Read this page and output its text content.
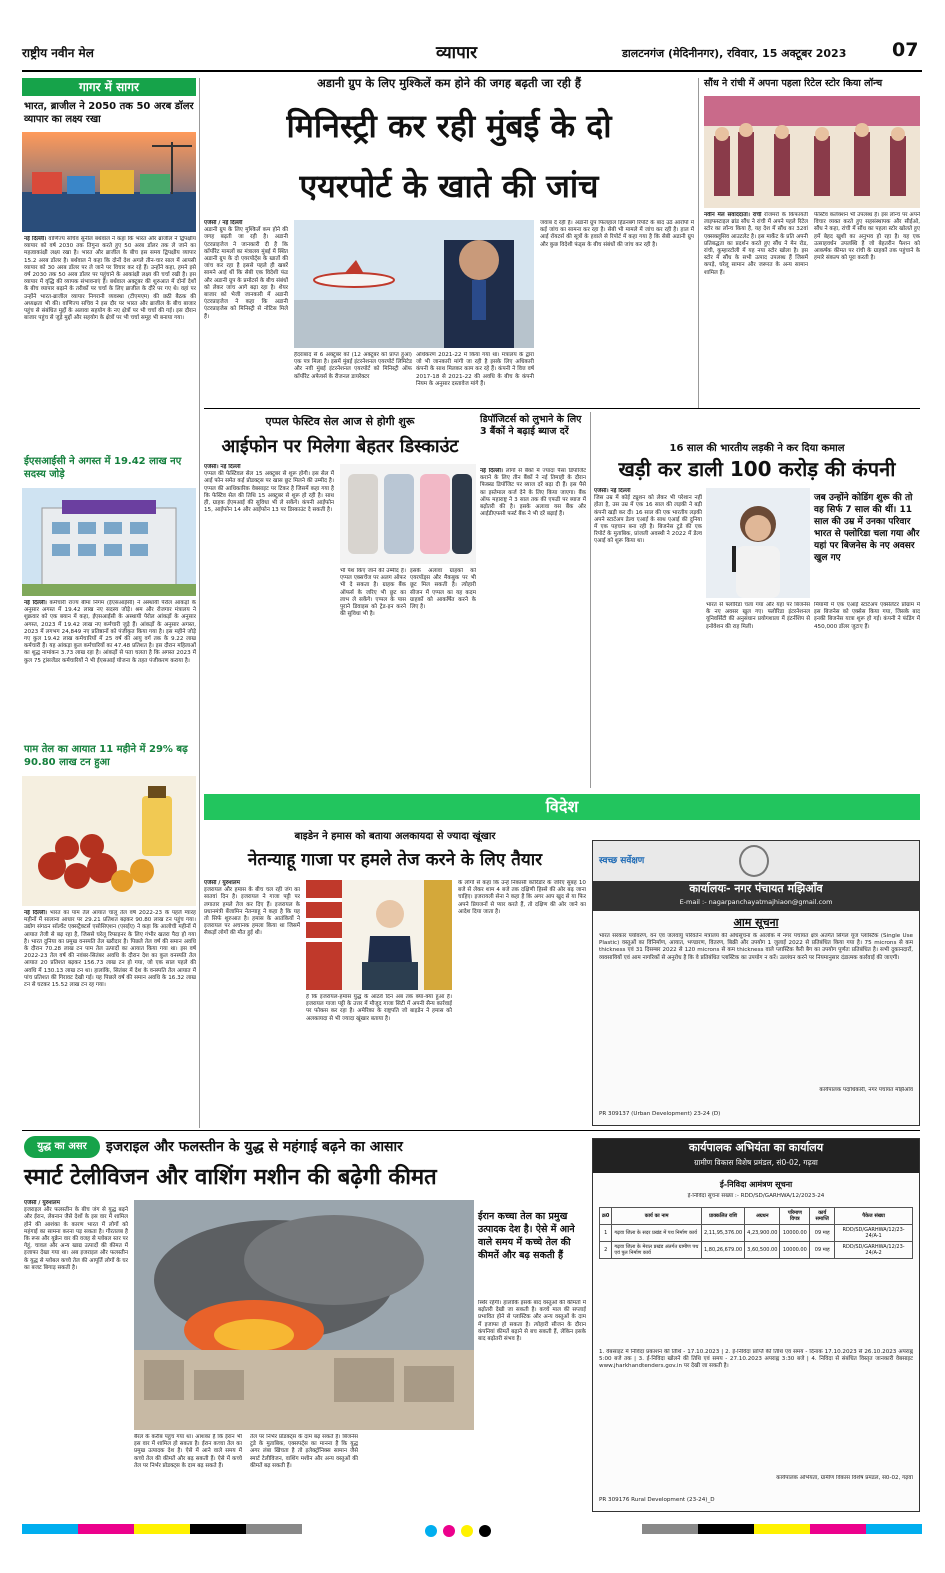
राष्ट्रीय नवीन मेल	व्यापार	डालटनगंज (मेदिनीनगर), रविवार, 15 अक्टूबर 2023 07
गागर में सागर
भारत, ब्राजील ने 2050 तक 50 अरब डॉलर व्यापार का लक्ष्य रखा
नई दिल्ली। वाणिज्य सचिव सुनील बर्थवाल ने कहा कि भारत और ब्राजील ने द्विपक्षीय व्यापार को वर्ष 2030 तक तिगुना करते हुए 50 अरब डॉलर तक ले जाने का महत्वाकांक्षी लक्ष्य रखा है। भारत और ब्राजील के बीच इस समय द्विपक्षीय व्यापार 15.2 अरब डॉलर है। बर्थवाल ने कहा कि दोनों देश अगले तीन-चार साल में आपसी व्यापार को 30 अरब डॉलर पर ले जाने पर विचार कर रहे हैं। उन्होंने कहा, हमने इसे वर्ष 2030 तक 50 अरब डॉलर पर पहुंचाने के आकांक्षी लक्ष्य की चर्चा रखी है। इस व्यापार में वृद्धि की व्यापक संभावनाएं हैं। बर्थवाल अक्टूबर की शुरुआत में दोनों देशों के बीच व्यापार बढ़ाने के तरीकों पर चर्चा के लिए ब्राजील के दौरे पर गए थे। वहां पर उन्होंने भारत-ब्राजील व्यापार निगरानी व्यवस्था (टीएमएम) की छठी बैठक की अध्यक्षता भी की। वाणिज्य सचिव ने इस दौर पर भारत और ब्राजील के बीच बाजार पहुंच से संबंधित मुद्दों के अलावा सहयोग के नए क्षेत्रों पर भी चर्चा की गई। इस दौरान बाजार पहुंच से जुड़े मुद्दों और सहयोग के क्षेत्रों पर भी चर्चा समूह भी बनाया गया।
ईएसआईसी ने अगस्त में 19.42 लाख नए सदस्य जोड़े
नई दिल्ली। कर्मचारी राज्य बीमा निगम (ईएसआईसी) ने अस्थायी पेरोल आंकड़ों के अनुसार अगस्त में 19.42 लाख नए सदस्य जोड़े। श्रम और रोजगार मंत्रालय ने शुक्रवार को एक बयान में कहा, ईएसआईसी के अस्थायी पेरोल आंकड़ों के अनुसार अगस्त, 2023 में 19.42 लाख नए कर्मचारी जुड़े हैं। आंकड़ों के अनुसार अगस्त, 2023 में लगभग 24,849 नए प्रतिष्ठानों को पंजीकृत किया गया है। इस महीने जोड़े गए कुल 19.42 लाख कर्मचारियों में 25 वर्ष की आयु वर्ग तक के 9.22 लाख कर्मचारी हैं। यह आंकड़ा कुल कर्मचारियों का 47.48 प्रतिशत है। इस दौरान महिलाओं का शुद्ध नामांकन 3.73 लाख रहा है। आंकड़ों से पता चलता है कि अगस्त 2023 में कुल 75 ट्रांसजेंडर कर्मचारियों ने भी ईएसआई योजना के तहत पंजीकरण कराया है।
पाम तेल का आयात 11 महीने में 29% बढ़ 90.80 लाख टन हुआ
नई दिल्ली। भारत का पाम तेल आयात चालू तेल वर्ष 2022-23 के पहले ग्यारह महीनों में सालाना आधार पर 29.21 प्रतिशत बढ़कर 90.80 लाख टन पहुंच गया। उद्योग संगठन सॉल्वेंट एक्सट्रैक्टर्स एसोसिएशन (एसईए) ने कहा कि आलोची महीनों में आयात तेजी से बढ़ रहा है, जिससे घरेलू रिफाइनर के लिए गंभीर खतरा पैदा हो गया है। भारत दुनिया का प्रमुख वनस्पति तेल खरीदार है। पिछले तेल वर्ष की समान अवधि के दौरान 70.28 लाख टन पाम तेल उत्पादों का आयात किया गया था। इस वर्ष 2022-23 तेल वर्ष की नवंबर-सितंबर अवधि के दौरान देश का कुल वनस्पति तेल आयात 20 प्रतिशत बढ़कर 156.73 लाख टन हो गया, जो एक साल पहले की अवधि में 130.13 लाख टन था। हालांकि, सितंबर में देश के वनस्पति तेल आयात में पांच प्रतिशत की गिरावट देखी गई। यह पिछले वर्ष की समान अवधि के 16.32 लाख टन से घटकर 15.52 लाख टन रह गया।
अडानी ग्रुप के लिए मुश्किलें कम होने की जगह बढ़ती जा रही हैं
मिनिस्ट्री कर रही मुंबई के दो
एयरपोर्ट के खाते की जांच
एजेंसी / नई दिल्ली
अडानी ग्रुप के लिए मुश्किलें कम होने की जगह बढ़ती जा रही है। अडानी एंटरप्राइजेज ने जानकारी दी है कि कॉर्पोरेट मामलों का मंत्रालय मुंबई में स्थित अडानी ग्रुप के दो एयरपोर्ट्स के खातों की जांच कर रहा है इससे पहले ही खबरें सामने आई थीं कि सेबी एक विदेशी फंड और अडानी ग्रुप के प्रमोटर्स के बीच संबंधों को लेकर जांच आगे बढ़ा रहा है। शेयर बाजार को भेजी जानकारी में अडानी एंटरप्राइजेज ने कहा कि अडानी एंटरप्राइजेस को मिनिस्ट्री से नोटिस मिले हैं।
हैदराबाद से 6 अक्टूबर को (12 अक्टूबर को प्राप्त हुआ) एक पत्र मिला है। इसमें मुंबई इंटरनेशनल एयरपोर्ट लिमिटेड और नवी मुंबई इंटरनेशनल एयरपोर्ट को मिनिस्ट्री ऑफ कॉर्पोरेट अफेयर्स के रीजनल डायरेक्टर
अधिकरण 2021-22 में किया गया था। मंत्रालय के द्वारा जो भी जानकारी मांगी जा रही है इसके लिए अधिकारी कंपनी के साथ मिलकर काम कर रहे हैं। कंपनी ने वित्त वर्ष 2017-18 से 2021-22 की अवधि के बीच के कंपनी नियम के अनुसार दस्तावेज मांगे हैं।
जवाब दे रही है। अडानी ग्रुप फिलहाल हिंडनबर्ग रिपोर्ट के बाद उठे आरोपों में कई जांच का सामना कर रहा है। सेबी भी मामले में जांच कर रही है। हाल में आई रॉयटर्स की सूत्रों के हवाले से रिपोर्ट में कहा गया है कि सेबी अडानी ग्रुप और कुछ विदेशी फंड्स के बीच संबंधों की जांच कर रही है।
सौंध ने रांची में अपना पहला रिटेल स्टोर किया लॉन्च
नवीन मेल संवाददाता। रांची रोजमर्रा के किफायती लाइफस्टाइल ब्रांड सौंध ने रांची में अपने पहले रिटेल स्टोर का लॉन्च किया है, यह देश में सौंध का 32वां एक्सक्लूसिव आउटलेट है। इस मार्केट के प्रति अपनी प्रतिबद्धता का प्रदर्शन करते हुए सौंध ने मेन रोड, रांची, कुम्हारटोली में यह नया स्टोर खोला है। इस स्टोर में सौंध के सभी उत्पाद उपलब्ध हैं जिसमें कपड़े, घरेलू सामान और जरूरत के अन्य सामान शामिल हैं।
फेस्टिव कलेक्शन भी उपलब्ध है। इस लॉन्च पर अपने विचार व्यक्त करते हुए सहसंस्थापक और सीईओ, सौंध ने कहा, रांची में सौंध का पहला स्टोर खोलते हुए हमें बेहद खुशी का अनुभव हो रहा है। यह एक उत्साहवर्धन उपलब्धि है जो बेहतरीन फैशन को आकर्षक कीमत पर रांची के ग्राहकों तक पहुंचाने के हमारे संकल्प को पूरा करती है।
एप्पल फेस्टिव सेल आज से होगी शुरू
आईफोन पर मिलेगा बेहतर डिस्काउंट
एजेंसी। नई दिल्ली
एप्पल की फेस्टिवल सेल 15 अक्टूबर से शुरू होगी। इस सेल में आई फोन समेत कई प्रोडक्ट्स पर खास छूट मिलने की उम्मीद है। एप्पल की आधिकारिक वेबसाइट पर टिकर है जिसमें कहा गया है कि फेस्टिव सेल की तिथि 15 अक्टूबर से शुरू हो रही है। साथ ही, ग्राहक ईएमआई की सुविधा भी ले सकेंगे। कंपनी आईफोन 15, आईफोन 14 और आईफोन 13 पर डिस्काउंट दे सकती है।
भी पेश किए जाने की उम्मीद है। एप्पल एक्सचेंज पर अलग ऑफर भी दे सकता है। ग्राहक बैंक ऑफर्स के जरिए भी छूट का लाभ ले सकेंगे। एप्पल के पास पुराने डिवाइस को ट्रेड-इन करने की सुविधा भी है।
इसके अलावा ग्राहकों को एयरपॉड्स और मैकबुक पर भी छूट मिल सकती है। त्योहारी सीजन में एप्पल का यह कदम ग्राहकों को आकर्षित करने के लिए है।
डिपॉजिटर्स को लुभाने के लिए 3 बैंकों ने बढ़ाई ब्याज दरें
नई दिल्ली। लोगों से बैंकों में ज्यादा पैसा डिपॉजिट कराने के लिए तीन बैंकों ने नई तिमाही के दौरान फिक्स्ड डिपॉजिट पर ब्याज दरें बढ़ा दी हैं। इस पैसे का इस्तेमाल कर्ज देने के लिए किया जाएगा। बैंक ऑफ महाराष्ट्र ने 3 साल तक की एफडी पर ब्याज में बढ़ोतरी की है। इसके अलावा यस बैंक और आईडीएफसी फर्स्ट बैंक ने भी दरें बढ़ाई हैं।
16 साल की भारतीय लड़की ने कर दिया कमाल
खड़ी कर डाली 100 करोड़ की कंपनी
एजेंसी। नई दिल्ली
जिस उम्र में कोई ट्यूशन को लेकर भी परेशान नहीं होता है, उस उम्र में एक 16 साल की लड़की ने बड़ी कंपनी खड़ी कर दी। 16 साल की एक भारतीय लड़की अपने स्टार्टअप डेल्व एआई के साथ एआई की दुनिया में एक पहचान बना रही है। बिजनेस टुडे की एक रिपोर्ट के मुताबिक, प्रांजली अवस्थी ने 2022 में डेल्व एआई को शुरू किया था।
जब उन्होंने कोडिंग शुरू की तो वह सिर्फ 7 साल की थीं। 11 साल की उम्र में उनका परिवार भारत से फ्लोरिडा चला गया और यहां पर बिजनेस के नए अवसर खुल गए
भारत से फ्लोरिडा चला गया और यहां पर बिजनेस के नए अवसर खुल गए। फ्लोरिडा इंटरनेशनल यूनिवर्सिटी की अनुसंधान प्रयोगशाला में इंटर्नशिप से इनोवेशन की राह मिली।
मियामी में एक एआई स्टार्टअप एक्सेलेटर प्रोग्राम में इस बिजनेस को एक्सेस किया गया, जिसके बाद इनकी बिजनेस यात्रा शुरू हो गई। कंपनी ने फंडिंग में 450,000 डॉलर जुटाए हैं।
विदेश
बाइडेन ने हमास को बताया अलकायदा से ज्यादा खूंखार
नेतन्याहू गाजा पर हमले तेज करने के लिए तैयार
एजेंसी / युरुशलम
इजरायल और हमास के बीच चल रही जंग का सातवां दिन है। इजरायल ने गाजा पट्टी पर लगातार हमले तेज कर दिए हैं। इजरायल के प्रधानमंत्री बेंजामिन नेतन्याहू ने कहा है कि यह तो सिर्फ शुरुआत है। हमास के आतंकियों ने इजरायल पर अचानक हमला किया था जिसमें सैकड़ों लोगों की मौत हुई थी।
है कि इजरायल-हमास युद्ध के आठवें दिन अब तक क्या-क्या हुआ है। इजरायल गाजा पट्टी के उत्तर में मौजूद गाजा सिटी में अपनी सैन्य कार्रवाई पर फोकस कर रहा है। अमेरिका के राष्ट्रपति जो बाइडेन ने हमास को अलकायदा से भी ज्यादा खूंखार बताया है।
के लोगों से कहा कि उन्हें निकासी कॉरिडोर के जरिए सुबह 10 बजे से लेकर शाम 4 बजे तक दक्षिणी हिस्से की ओर बढ़ जाना चाहिए। इजरायली सेना ने कहा है कि अगर आप खुद से या फिर अपने प्रियजनों से प्यार करते हैं, तो दक्षिण की ओर जाने का आदेश दिया जाता है।
स्वच्छ सर्वेक्षण
कार्यालयः- नगर पंचायत मझिआँव
E-mail :- nagarpanchayatmajhiaon@gmail.com
आम सूचना
भारत सरकार पर्यावरण, वन एवं जलवायु परिवर्तन मंत्रालय की अधिसूचना के आलोक में नगर पंचायत क्षेत्र अंतर्गत सिंगल यूज प्लास्टिक (Single Use Plastic) वस्तुओं का विनिर्माण, आयात, भण्डारण, वितरण, बिक्री और उपयोग 1 जुलाई 2022 से प्रतिबंधित किया गया है। 75 microns से कम thickness एवं 31 दिसम्बर 2022 से 120 microns से कम thickness वाले प्लास्टिक कैरी बैग का उपयोग पूर्णतः प्रतिबंधित है। सभी दुकानदारों, व्यवसायियों एवं आम नागरिकों से अनुरोध है कि वे प्रतिबंधित प्लास्टिक का उपयोग न करें। उल्लंघन करने पर नियमानुसार दंडात्मक कार्रवाई की जाएगी।
कार्यपालक पदाधिकारी, नगर पंचायत मझिआँव
PR 309137 (Urban Development) 23-24 (D)
युद्ध का असर	इजराइल और फलस्तीन के युद्ध से महंगाई बढ़ने का आसार
स्मार्ट टेलीविजन और वाशिंग मशीन की बढ़ेगी कीमत
एजेंसी / युरुशलम
इजराइल और फलस्तीन के बीच जंग से युद्ध बढ़ने और ईरान, लेबनान जैसे देशों के इस वार में शामिल होने की आशंका के कारण भारत में लोगों को महंगाई का सामना करना पड़ सकता है। गौरतलब है कि रूस और यूक्रेन वार की वजह से ग्लोबल स्तर पर गेहूं, चावल और अन्य खाद्य उत्पादों की कीमत में इजाफा देखा गया था। अब इजराइल और फलस्तीन के युद्ध से ग्लोबल कच्चे तेल की आपूर्ति लोगों के घर का बजट बिगाड़ सकती है।
ईरान कच्चा तेल का प्रमुख उत्पादक देश है। ऐसे में आने वाले समय में कच्चे तेल की कीमतें और बढ़ सकती हैं
बैरल के करीब पहुंच गया था। आशंका है कि ईरान भी इस वार में शामिल हो सकता है। ईरान कच्चा तेल का प्रमुख उत्पादक देश है। ऐसे में आने वाले समय में कच्चे तेल की कीमतें और बढ़ सकती हैं। ऐसे में कच्चे तेल पर निर्भर प्रोडक्ट्स के दाम बढ़ सकते हैं।
तेल पर निर्भर प्रोडक्ट्स के दाम बढ़ सकते हैं। बिजनेस टुडे के मुताबिक, एक्सपर्ट्स का मानना है कि युद्ध अगर लंबा खिंचता है तो इलेक्ट्रॉनिक्स सामान जैसे स्मार्ट टेलीविजन, वाशिंग मशीन और अन्य वस्तुओं की कीमतें बढ़ सकती हैं।
स्थिर रहेगी। हालांकि इसके बाद वस्तुओं की कीमतों में बढ़ोतरी देखी जा सकती है। कच्चे माल की सप्लाई प्रभावित होने से प्लास्टिक और अन्य वस्तुओं के दाम में इजाफा हो सकता है। त्योहारी सीजन के दौरान कंपनियां कीमतें बढ़ाने से बच सकती हैं, लेकिन इसके बाद बढ़ोतरी संभव है।
कार्यपालक अभियंता का कार्यालय
ग्रामीण विकास विशेष प्रमंडल, सं0-02, गढ़वा
ई-निविदा आमंत्रण सूचना
ई-निविदा सूचना संख्या :- RDD/SD/GARHWA/12/2023-24
क्र0	कार्य का नाम	प्राक्कलित राशि	अग्रधन	परिमाण विपत्र	कार्य समाप्ति	पैकेज संख्या
1	गढ़वा जिला के सदर प्रखंड में पथ निर्माण कार्य	2,11,95,376.00	4,23,900.00	10000.00	09 माह	RDD/SD/GARHWA/12/23-24/A-1
2	गढ़वा जिला के मेराल प्रखंड अंतर्गत ग्रामीण पथ एवं पुल निर्माण कार्य	1,80,26,679.00	3,60,500.00	10000.00	09 माह	RDD/SD/GARHWA/12/23-24/A-2
1. वेबसाइट में निविदा प्रकाशन की तिथि - 17.10.2023 | 2. ई-निविदा प्राप्ति की तिथि एवं समय - दिनांक 17.10.2023 से 26.10.2023 अपराह्न 5:00 बजे तक | 3. ई-निविदा खोलने की तिथि एवं समय - 27.10.2023 अपराह्न 3:30 बजे | 4. निविदा से संबंधित विस्तृत जानकारी वेबसाइट www.jharkhandtenders.gov.in पर देखी जा सकती है।
कार्यपालक अभियंता, ग्रामीण विकास विशेष प्रमंडल, सं0-02, गढ़वा
PR 309176 Rural Development (23-24)_D
